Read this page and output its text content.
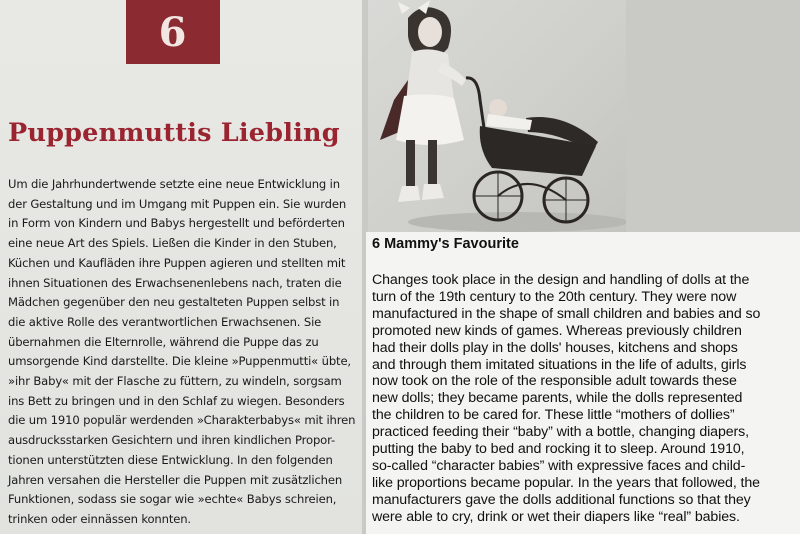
6
Puppenmuttis Liebling
Um die Jahrhundertwende setzte eine neue Entwicklung in
der Gestaltung und im Umgang mit Puppen ein. Sie wurden
in Form von Kindern und Babys hergestellt und beförderten
eine neue Art des Spiels. Ließen die Kinder in den Stuben,
Küchen und Kaufläden ihre Puppen agieren und stellten mit
ihnen Situationen des Erwachsenenlebens nach, traten die
Mädchen gegenüber den neu gestalteten Puppen selbst in
die aktive Rolle des verantwortlichen Erwachsenen. Sie
übernahmen die Elternrolle, während die Puppe das zu
umsorgende Kind darstellte. Die kleine »Puppenmutti« übte,
»ihr Baby« mit der Flasche zu füttern, zu windeln, sorgsam
ins Bett zu bringen und in den Schlaf zu wiegen. Besonders
die um 1910 populär werdenden »Charakterbabys« mit ihren
ausdrucksstarken Gesichtern und ihren kindlichen Propor-
tionen unterstützten diese Entwicklung. In den folgenden
Jahren versahen die Hersteller die Puppen mit zusätzlichen
Funktionen, sodass sie sogar wie »echte« Babys schreien,
trinken oder einnässen konnten.
6 Mammy's Favourite
Changes took place in the design and handling of dolls at the
turn of the 19th century to the 20th century. They were now
manufactured in the shape of small children and babies and so
promoted new kinds of games. Whereas previously children
had their dolls play in the dolls' houses, kitchens and shops
and through them imitated situations in the life of adults, girls
now took on the role of the responsible adult towards these
new dolls; they became parents, while the dolls represented
the children to be cared for. These little “mothers of dollies”
practiced feeding their “baby” with a bottle, changing diapers,
putting the baby to bed and rocking it to sleep. Around 1910,
so-called “character babies” with expressive faces and child-
like proportions became popular. In the years that followed, the
manufacturers gave the dolls additional functions so that they
were able to cry, drink or wet their diapers like “real” babies.
